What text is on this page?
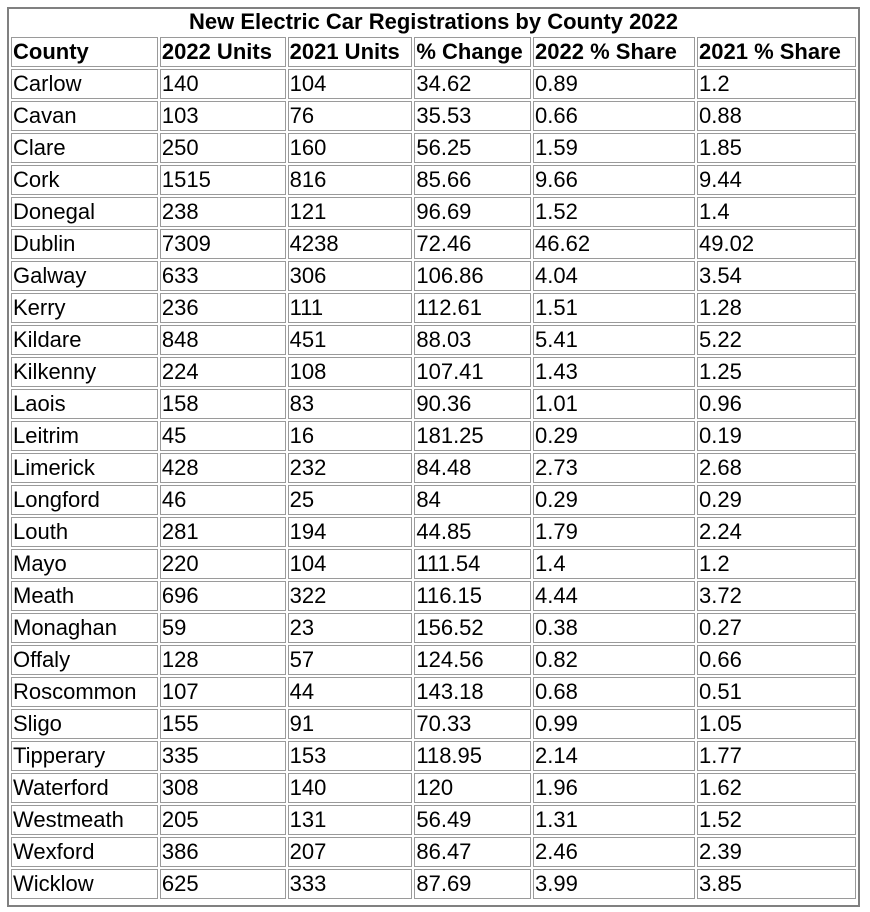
New Electric Car Registrations by County 2022
County	2022 Units	2021 Units	% Change	2022 % Share	2021 % Share
Carlow	140	104	34.62	0.89	1.2
Cavan	103	76	35.53	0.66	0.88
Clare	250	160	56.25	1.59	1.85
Cork	1515	816	85.66	9.66	9.44
Donegal	238	121	96.69	1.52	1.4
Dublin	7309	4238	72.46	46.62	49.02
Galway	633	306	106.86	4.04	3.54
Kerry	236	111	112.61	1.51	1.28
Kildare	848	451	88.03	5.41	5.22
Kilkenny	224	108	107.41	1.43	1.25
Laois	158	83	90.36	1.01	0.96
Leitrim	45	16	181.25	0.29	0.19
Limerick	428	232	84.48	2.73	2.68
Longford	46	25	84	0.29	0.29
Louth	281	194	44.85	1.79	2.24
Mayo	220	104	111.54	1.4	1.2
Meath	696	322	116.15	4.44	3.72
Monaghan	59	23	156.52	0.38	0.27
Offaly	128	57	124.56	0.82	0.66
Roscommon	107	44	143.18	0.68	0.51
Sligo	155	91	70.33	0.99	1.05
Tipperary	335	153	118.95	2.14	1.77
Waterford	308	140	120	1.96	1.62
Westmeath	205	131	56.49	1.31	1.52
Wexford	386	207	86.47	2.46	2.39
Wicklow	625	333	87.69	3.99	3.85
